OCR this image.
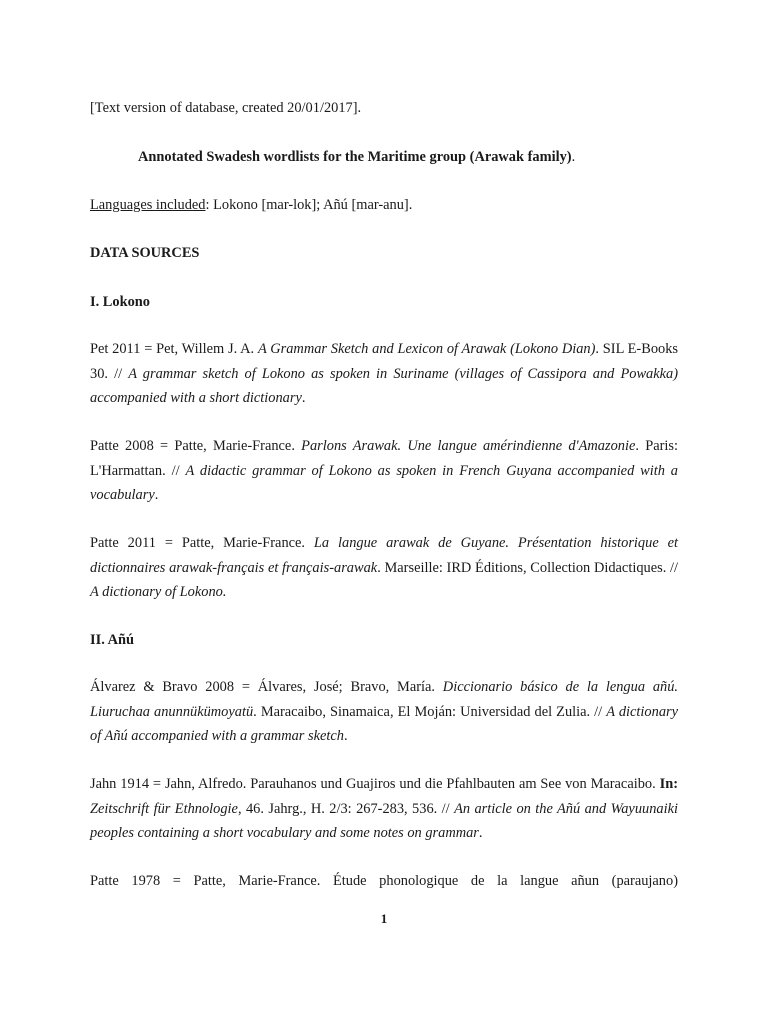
[Text version of database, created 20/01/2017].
Annotated Swadesh wordlists for the Maritime group (Arawak family).
Languages included: Lokono [mar-lok]; Añú [mar-anu].
DATA SOURCES
I. Lokono
Pet 2011 = Pet, Willem J. A. A Grammar Sketch and Lexicon of Arawak (Lokono Dian). SIL E-Books 30. // A grammar sketch of Lokono as spoken in Suriname (villages of Cassipora and Powakka) accompanied with a short dictionary.
Patte 2008 = Patte, Marie-France. Parlons Arawak. Une langue amérindienne d'Amazonie. Paris: L'Harmattan. // A didactic grammar of Lokono as spoken in French Guyana accompanied with a vocabulary.
Patte 2011 = Patte, Marie-France. La langue arawak de Guyane. Présentation historique et dictionnaires arawak-français et français-arawak. Marseille: IRD Éditions, Collection Didactiques. // A dictionary of Lokono.
II. Añú
Álvarez & Bravo 2008 = Álvares, José; Bravo, María. Diccionario básico de la lengua añú. Liuruchaa anunnükümoyatü. Maracaibo, Sinamaica, El Moján: Universidad del Zulia. // A dictionary of Añú accompanied with a grammar sketch.
Jahn 1914 = Jahn, Alfredo. Parauhanos und Guajiros und die Pfahlbauten am See von Maracaibo. In: Zeitschrift für Ethnologie, 46. Jahrg., H. 2/3: 267-283, 536. // An article on the Añú and Wayuunaiki peoples containing a short vocabulary and some notes on grammar.
Patte 1978 = Patte, Marie-France. Étude phonologique de la langue añun (paraujano)
1
